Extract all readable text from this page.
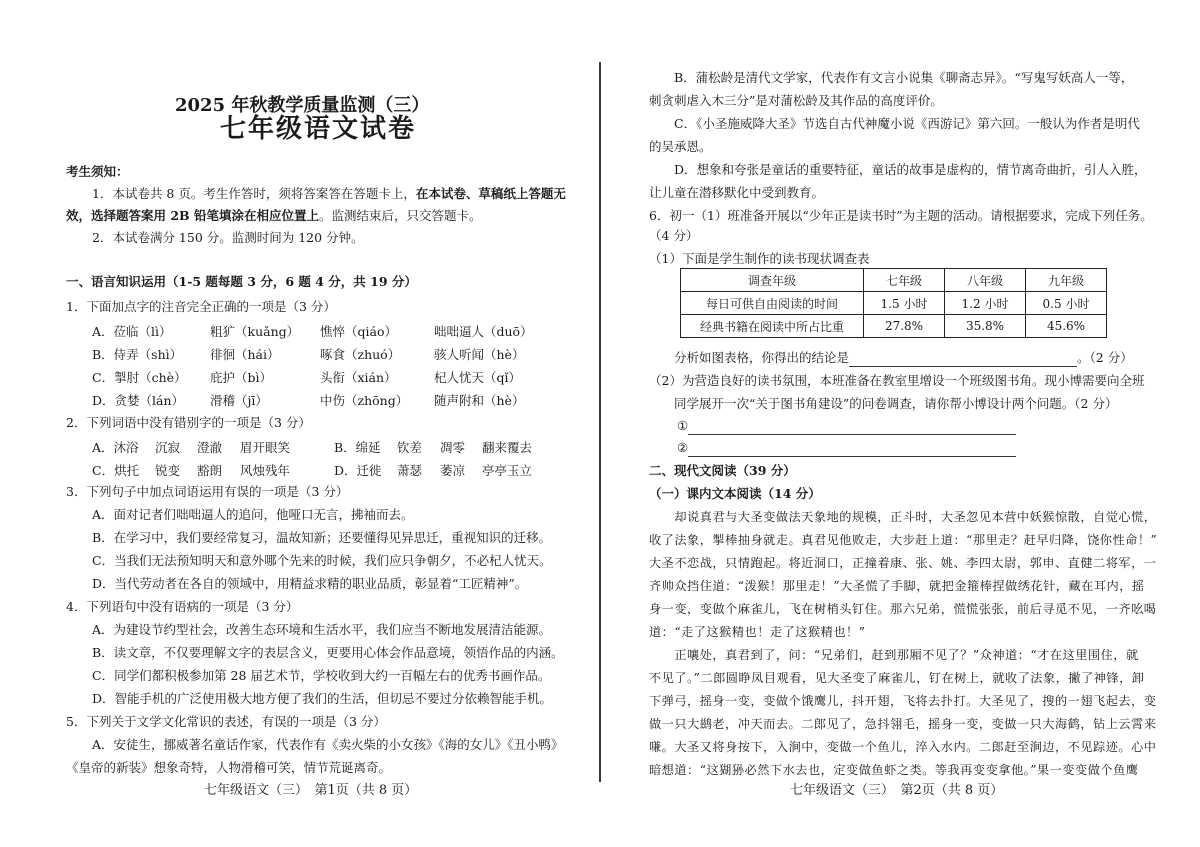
2025 年秋教学质量监测（三）
七年级语文试卷
考生须知：
1．本试卷共 8 页。考生作答时，须将答案答在答题卡上，在本试卷、草稿纸上答题无
效，选择题答案用 2B 铅笔填涂在相应位置上。监测结束后，只交答题卡。
2．本试卷满分 150 分。监测时间为 120 分钟。
一、语言知识运用（1-5 题每题 3 分，6 题 4 分，共 19 分）
1．下面加点字的注音完全正确的一项是（3 分）
A．莅临（lì）	粗犷（kuǎng） 憔悴（qiáo）	咄咄逼人（duō）
B．侍弄（shì） 徘徊（hái）	啄食（zhuó）	骇人听闻（hè）
C．掣肘（chè） 庇护（bì）	头衔（xián）	杞人忧天（qǐ）
D．贪婪（lán） 滑稽（jī）	中伤（zhōng） 随声附和（hè）
2．下列词语中没有错别字的一项是（3 分）
A．沐浴 沉寂 澄澈 眉开眼笑	B．绵延 钦差 凋零 翻来覆去
C．烘托 锐变 豁朗 风烛残年	D．迁徙 萧瑟 萎凉 亭亭玉立
3．下列句子中加点词语运用有误的一项是（3 分）
A．面对记者们咄咄逼人的追问，他哑口无言，拂袖而去。
B．在学习中，我们要经常复习，温故知新；还要懂得见异思迁，重视知识的迁移。
C．当我们无法预知明天和意外哪个先来的时候，我们应只争朝夕，不必杞人忧天。
D．当代劳动者在各自的领域中，用精益求精的职业品质，彰显着“工匠精神”。
4．下列语句中没有语病的一项是（3 分）
A．为建设节约型社会，改善生态环境和生活水平，我们应当不断地发展清洁能源。
B．读文章，不仅要理解文字的表层含义，更要用心体会作品意境，领悟作品的内涵。
C．同学们都积极参加第 28 届艺术节，学校收到大约一百幅左右的优秀书画作品。
D．智能手机的广泛使用极大地方便了我们的生活，但切忌不要过分依赖智能手机。
5．下列关于文学文化常识的表述，有误的一项是（3 分）
A．安徒生，挪威著名童话作家，代表作有《卖火柴的小女孩》《海的女儿》《丑小鸭》
《皇帝的新装》想象奇特，人物滑稽可笑，情节荒诞离奇。
七年级语文（三）　第1页（共 8 页）
B．蒲松龄是清代文学家，代表作有文言小说集《聊斋志异》。“写鬼写妖高人一等，
刺贪刺虐入木三分”是对蒲松龄及其作品的高度评价。
C．《小圣施威降大圣》节选自古代神魔小说《西游记》第六回。一般认为作者是明代
的吴承恩。
D．想象和夸张是童话的重要特征，童话的故事是虚构的，情节离奇曲折，引人入胜，
让儿童在潜移默化中受到教育。
6．初一（1）班准备开展以“少年正是读书时”为主题的活动。请根据要求，完成下列任务。
（4 分）
（1）下面是学生制作的读书现状调查表
调查年级	七年级	八年级	九年级
每日可供自由阅读的时间	1.5 小时	1.2 小时	0.5 小时
经典书籍在阅读中所占比重	27.8%	35.8%	45.6%
分析如图表格，你得出的结论是	。（2 分）
（2）为营造良好的读书氛围，本班准备在教室里增设一个班级图书角。现小博需要向全班
同学展开一次“关于图书角建设”的问卷调查，请你帮小博设计两个问题。（2 分）
①
②
二、现代文阅读（39 分）
（一）课内文本阅读（14 分）
　　却说真君与大圣变做法天象地的规模，正斗时，大圣忽见本营中妖猴惊散，自觉心慌，
收了法象，掣棒抽身就走。真君见他败走，大步赶上道：“那里走？赶早归降，饶你性命！”
大圣不恋战，只情跑起。将近洞口，正撞着康、张、姚、李四太尉，郭申、直健二将军，一
齐帅众挡住道：“泼猴！那里走！”大圣慌了手脚，就把金箍棒捏做绣花针，藏在耳内，摇
身一变，变做个麻雀儿，飞在树梢头钉住。那六兄弟，慌慌张张，前后寻觅不见，一齐吆喝
道：“走了这猴精也！走了这猴精也！”
　　正嚷处，真君到了，问：“兄弟们，赶到那厢不见了？”众神道：“才在这里围住，就
不见了。”二郎圆睁凤目观看，见大圣变了麻雀儿，钉在树上，就收了法象，撇了神锋，卸
下弹弓，摇身一变，变做个饿鹰儿，抖开翅，飞将去扑打。大圣见了，搜的一翅飞起去，变
做一只大鹚老，冲天而去。二郎见了，急抖翎毛，摇身一变，变做一只大海鹤，钻上云霄来
嗛。大圣又将身按下，入涧中，变做一个鱼儿，淬入水内。二郎赶至涧边，不见踪迹。心中
暗想道：“这猢狲必然下水去也，定变做鱼虾之类。等我再变变拿他。”果一变变做个鱼鹰
七年级语文（三）　第2页（共 8 页）
